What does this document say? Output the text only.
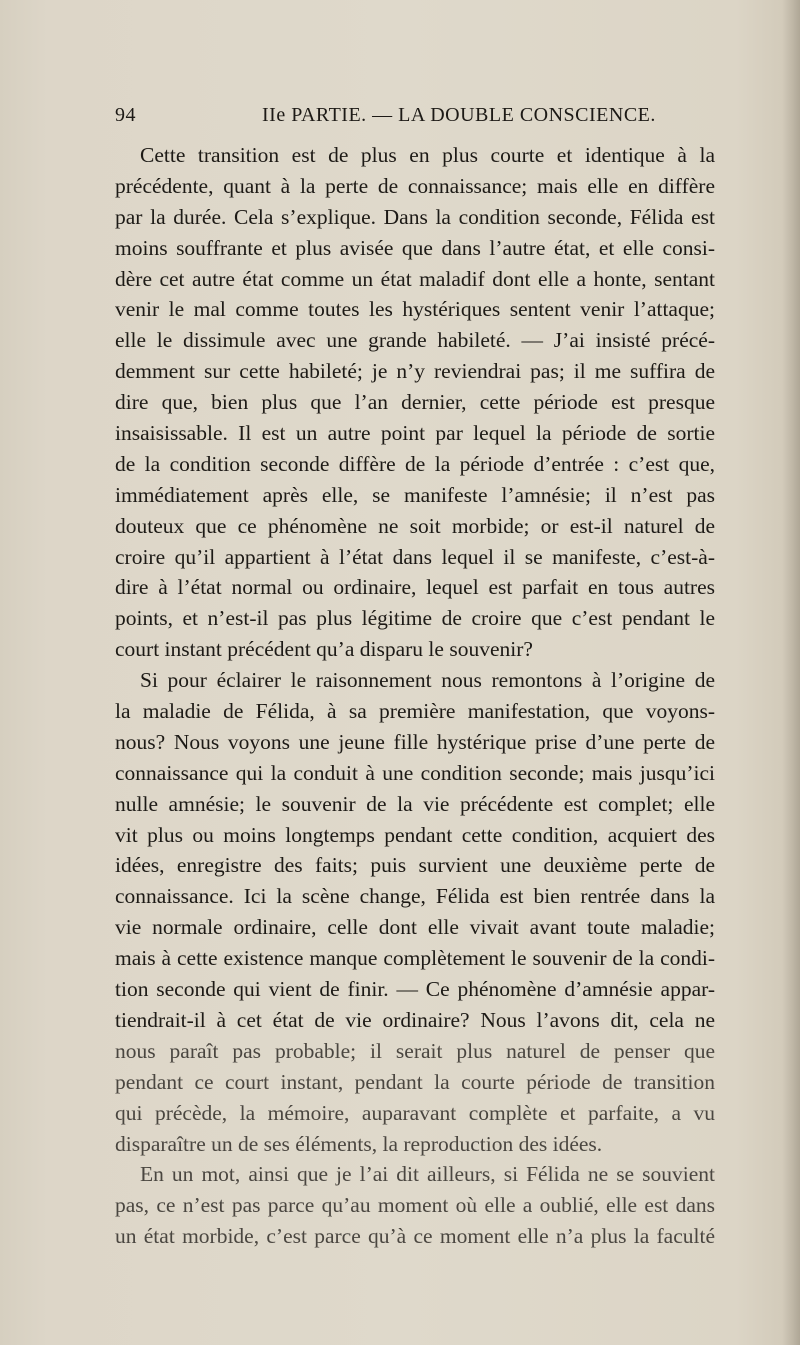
94	IIe PARTIE. — LA DOUBLE CONSCIENCE.
Cette transition est de plus en plus courte et identique à la
précédente, quant à la perte de connaissance; mais elle en diffère
par la durée. Cela s’explique. Dans la condition seconde, Félida est
moins souffrante et plus avisée que dans l’autre état, et elle consi-
dère cet autre état comme un état maladif dont elle a honte, sentant
venir le mal comme toutes les hystériques sentent venir l’attaque;
elle le dissimule avec une grande habileté. — J’ai insisté précé-
demment sur cette habileté; je n’y reviendrai pas; il me suffira de
dire que, bien plus que l’an dernier, cette période est presque
insaisissable. Il est un autre point par lequel la période de sortie
de la condition seconde diffère de la période d’entrée : c’est que,
immédiatement après elle, se manifeste l’amnésie; il n’est pas
douteux que ce phénomène ne soit morbide; or est-il naturel de
croire qu’il appartient à l’état dans lequel il se manifeste, c’est-à-
dire à l’état normal ou ordinaire, lequel est parfait en tous autres
points, et n’est-il pas plus légitime de croire que c’est pendant le
court instant précédent qu’a disparu le souvenir?
Si pour éclairer le raisonnement nous remontons à l’origine de
la maladie de Félida, à sa première manifestation, que voyons-
nous? Nous voyons une jeune fille hystérique prise d’une perte de
connaissance qui la conduit à une condition seconde; mais jusqu’ici
nulle amnésie; le souvenir de la vie précédente est complet; elle
vit plus ou moins longtemps pendant cette condition, acquiert des
idées, enregistre des faits; puis survient une deuxième perte de
connaissance. Ici la scène change, Félida est bien rentrée dans la
vie normale ordinaire, celle dont elle vivait avant toute maladie;
mais à cette existence manque complètement le souvenir de la condi-
tion seconde qui vient de finir. — Ce phénomène d’amnésie appar-
tiendrait-il à cet état de vie ordinaire? Nous l’avons dit, cela ne
nous paraît pas probable; il serait plus naturel de penser que
pendant ce court instant, pendant la courte période de transition
qui précède, la mémoire, auparavant complète et parfaite, a vu
disparaître un de ses éléments, la reproduction des idées.
En un mot, ainsi que je l’ai dit ailleurs, si Félida ne se souvient
pas, ce n’est pas parce qu’au moment où elle a oublié, elle est dans
un état morbide, c’est parce qu’à ce moment elle n’a plus la faculté
